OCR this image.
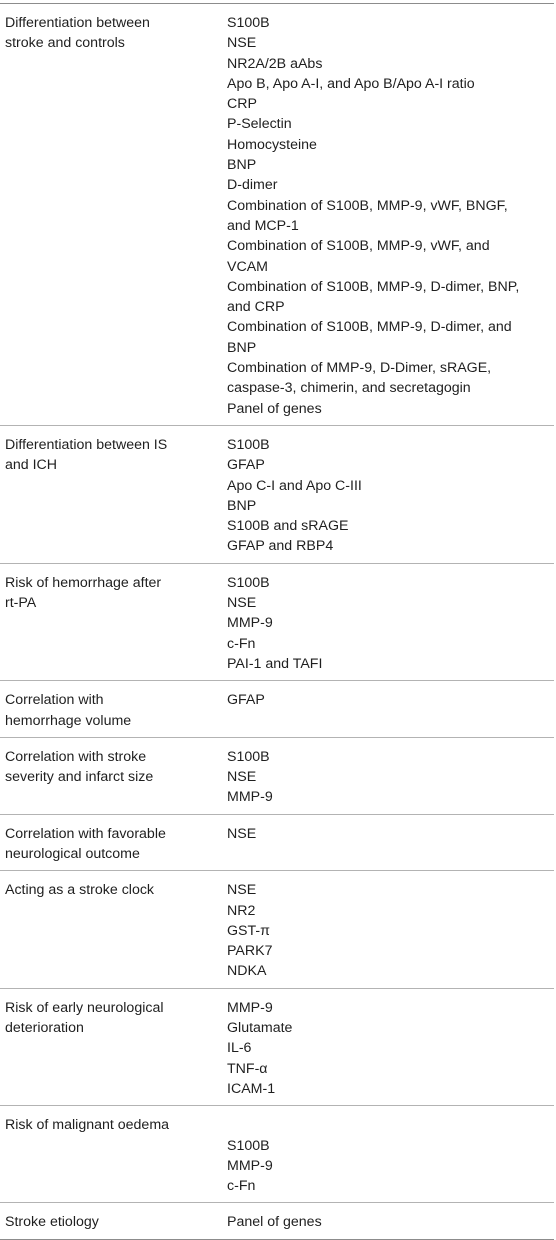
Differentiation between
stroke and controls
S100B
NSE
NR2A/2B aAbs
Apo B, Apo A-I, and Apo B/Apo A-I ratio
CRP
P-Selectin
Homocysteine
BNP
D-dimer
Combination of S100B, MMP-9, vWF, BNGF,
and MCP-1
Combination of S100B, MMP-9, vWF, and
VCAM
Combination of S100B, MMP-9, D-dimer, BNP,
and CRP
Combination of S100B, MMP-9, D-dimer, and
BNP
Combination of MMP-9, D-Dimer, sRAGE,
caspase-3, chimerin, and secretagogin
Panel of genes
Differentiation between IS
and ICH
S100B
GFAP
Apo C-I and Apo C-III
BNP
S100B and sRAGE
GFAP and RBP4
Risk of hemorrhage after
rt-PA
S100B
NSE
MMP-9
c-Fn
PAI-1 and TAFI
Correlation with
hemorrhage volume
GFAP
Correlation with stroke
severity and infarct size
S100B
NSE
MMP-9
Correlation with favorable
neurological outcome
NSE
Acting as a stroke clock	NSE
NR2
GST-π
PARK7
NDKA
Risk of early neurological
deterioration
MMP-9
Glutamate
IL-6
TNF-α
ICAM-1
Risk of malignant oedema
S100B
MMP-9
c-Fn
Stroke etiology	Panel of genes
